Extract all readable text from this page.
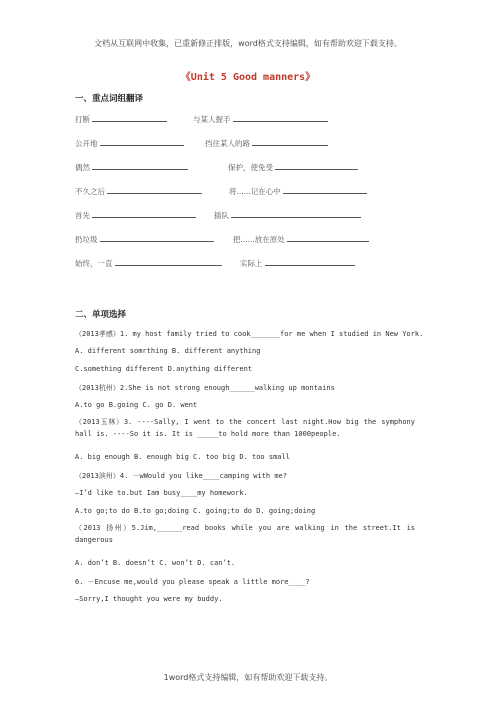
文档从互联网中收集，已重新修正排版，word格式支持编辑，如有帮助欢迎下载支持。
《Unit 5 Good manners》
一、重点词组翻译
打断	与某人握手
公开地	挡住某人的路
偶然	保护，使免受
不久之后	将......记在心中
首先	插队
扔垃圾	把......放在原处
始终，一直	实际上
二、单项选择
（2013孝感）1. my host family tried to cook_______for me when I studied in New York.
A. different somrthing B. different anything
C.something different D.anything different
（2013杭州）2.She is not strong enough______walking up montains
A.to go B.going C. go D. went
（2013玉林）3. ----Sally, I went to the concert last night.How big the symphony hall is. ----So it is. It is _____to hold more than 1000people.
A. big enough B. enough big C. too big D. too small
（2013滨州）4. －wWould you like____camping with me?
—I’d like to.but Iam busy____my homework.
A.to go;to do B.to go;doing C. going;to do D. going;doing
（2013 扬州）5.Jim,______read books while you are walking in the street.It is dangerous
A. don’t B. doesn’t C. won’t D. can’t.
6. －Encuse me,would you please speak a little more____?
—Sorry,I thought you were my buddy.
1word格式支持编辑，如有帮助欢迎下载支持。
